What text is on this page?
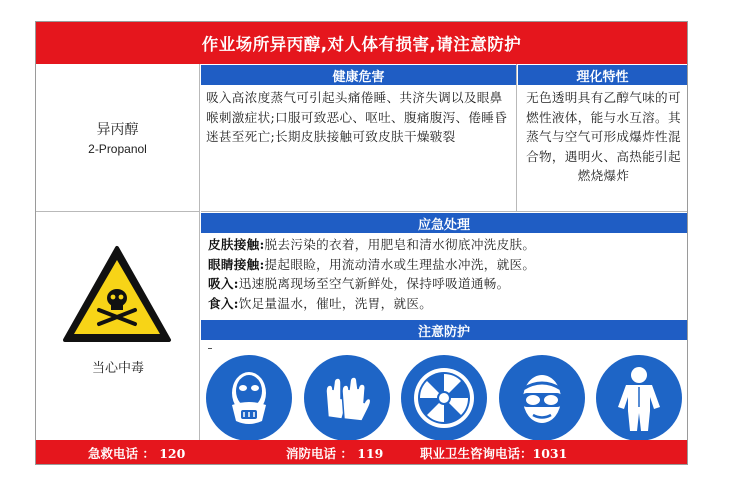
作业场所异丙醇,对人体有损害,请注意防护
异丙醇
2-Propanol
健康危害	理化特性
吸入高浓度蒸气可引起头痛倦睡、共济失调以及眼鼻喉刺激症状;口服可致恶心、呕吐、腹痛腹泻、倦睡昏迷甚至死亡;长期皮肤接触可致皮肤干燥皲裂
无色透明具有乙醇气味的可燃性液体，能与水互溶。其蒸气与空气可形成爆炸性混合物，遇明火、高热能引起燃烧爆炸
当心中毒
应急处理
皮肤接触:脱去污染的衣着，用肥皂和清水彻底冲洗皮肤。
眼睛接触:提起眼睑，用流动清水或生理盐水冲洗，就医。
吸入:迅速脱离现场至空气新鲜处，保持呼吸道通畅。
食入:饮足量温水，催吐，洗胃，就医。
注意防护
急救电话 ： 120	消防电话 ： 119	职业卫生咨询电话：1031
